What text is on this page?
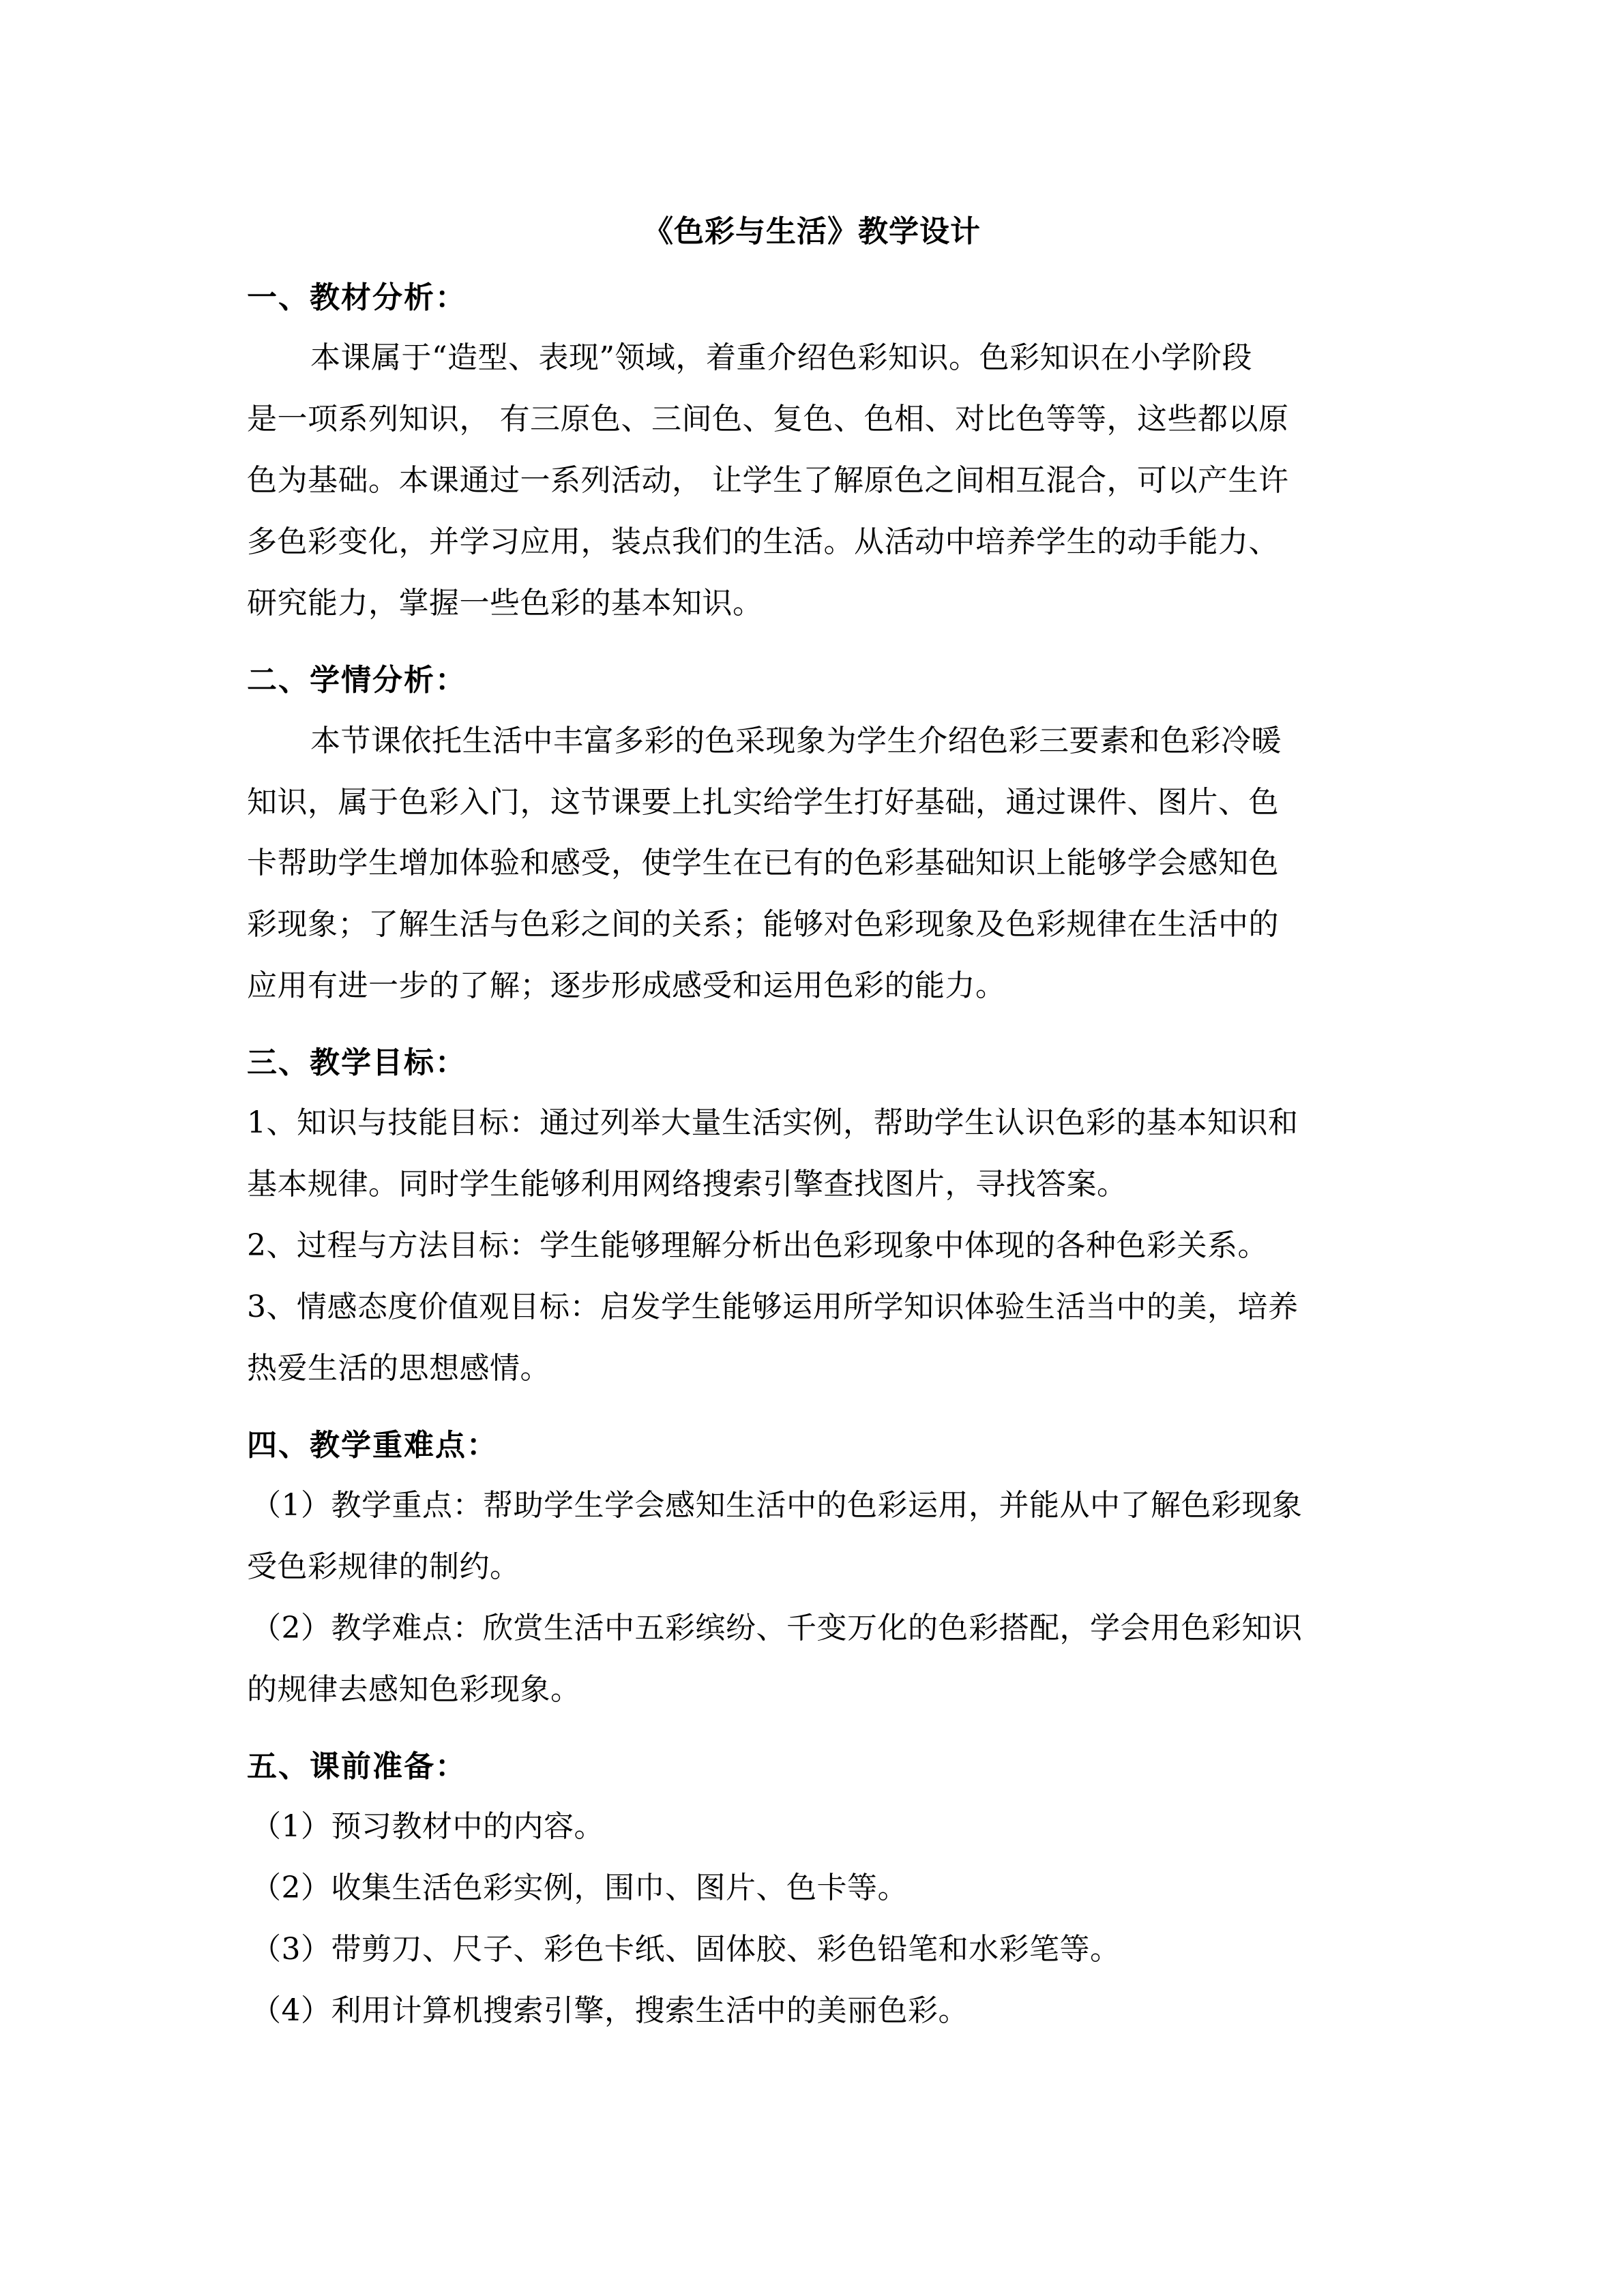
《色彩与生活》教学设计
一、教材分析：
本课属于“造型、表现”领域，着重介绍色彩知识。色彩知识在小学阶段
是一项系列知识， 有三原色、三间色、复色、色相、对比色等等，这些都以原
色为基础。本课通过一系列活动， 让学生了解原色之间相互混合，可以产生许
多色彩变化，并学习应用，装点我们的生活。从活动中培养学生的动手能力、
研究能力，掌握一些色彩的基本知识。
二、学情分析：
本节课依托生活中丰富多彩的色采现象为学生介绍色彩三要素和色彩冷暖
知识，属于色彩入门，这节课要上扎实给学生打好基础，通过课件、图片、色
卡帮助学生增加体验和感受，使学生在已有的色彩基础知识上能够学会感知色
彩现象；了解生活与色彩之间的关系；能够对色彩现象及色彩规律在生活中的
应用有进一步的了解；逐步形成感受和运用色彩的能力。
三、教学目标：
1、知识与技能目标：通过列举大量生活实例，帮助学生认识色彩的基本知识和
基本规律。同时学生能够利用网络搜索引擎查找图片，寻找答案。
2、过程与方法目标：学生能够理解分析出色彩现象中体现的各种色彩关系。
3、情感态度价值观目标：启发学生能够运用所学知识体验生活当中的美，培养
热爱生活的思想感情。
四、教学重难点：
（1）教学重点：帮助学生学会感知生活中的色彩运用，并能从中了解色彩现象
受色彩规律的制约。
（2）教学难点：欣赏生活中五彩缤纷、千变万化的色彩搭配，学会用色彩知识
的规律去感知色彩现象。
五、课前准备：
（1）预习教材中的内容。
（2）收集生活色彩实例，围巾、图片、色卡等。
（3）带剪刀、尺子、彩色卡纸、固体胶、彩色铅笔和水彩笔等。
（4）利用计算机搜索引擎，搜索生活中的美丽色彩。
